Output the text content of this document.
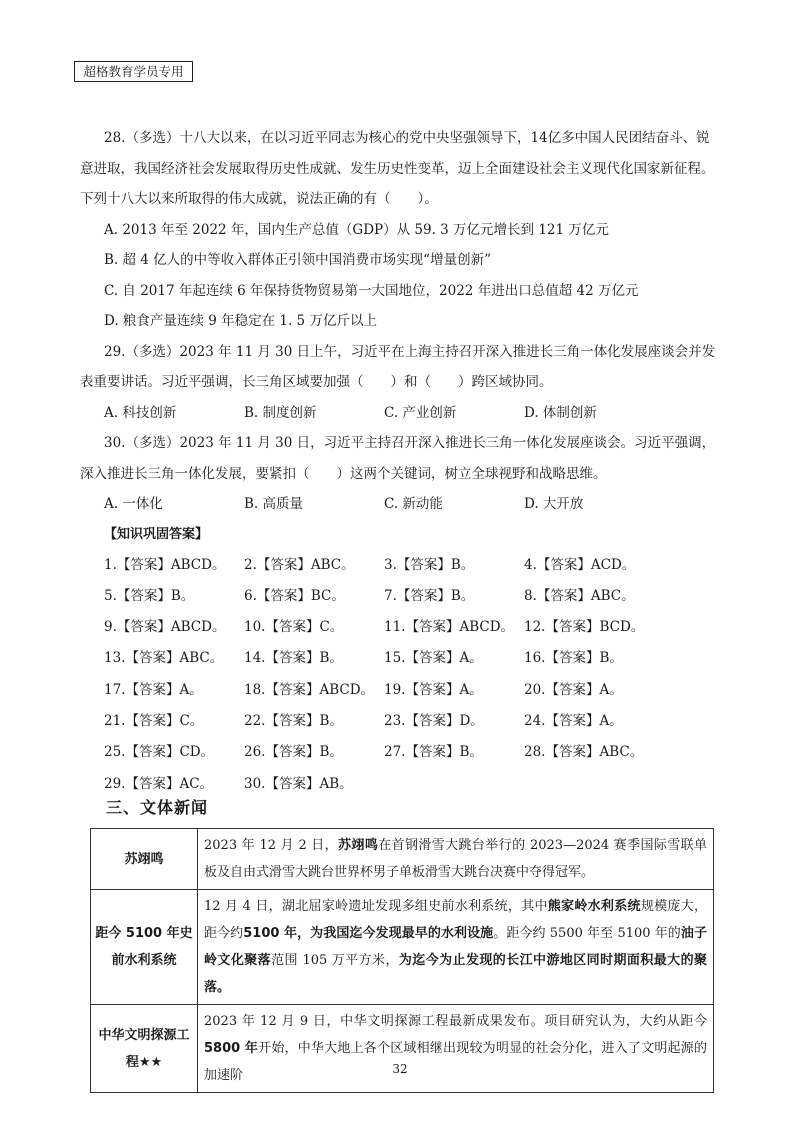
超格教育学员专用

28.（多选）十八大以来，在以习近平同志为核心的党中央坚强领导下，14亿多中国人民团结奋斗、锐意进取，我国经济社会发展取得历史性成就、发生历史性变革，迈上全面建设社会主义现代化国家新征程。下列十八大以来所取得的伟大成就，说法正确的有（　　）。

A. 2013 年至 2022 年，国内生产总值（GDP）从 59. 3 万亿元增长到 121 万亿元
B. 超 4 亿人的中等收入群体正引领中国消费市场实现“增量创新”
C. 自 2017 年起连续 6 年保持货物贸易第一大国地位，2022 年进出口总值超 42 万亿元
D. 粮食产量连续 9 年稳定在 1. 5 万亿斤以上

29.（多选）2023 年 11 月 30 日上午，习近平在上海主持召开深入推进长三角一体化发展座谈会并发表重要讲话。习近平强调，长三角区域要加强（　　）和（　　）跨区域协同。

A. 科技创新	B. 制度创新	C. 产业创新	D. 体制创新

30.（多选）2023 年 11 月 30 日，习近平主持召开深入推进长三角一体化发展座谈会。习近平强调，深入推进长三角一体化发展，要紧扣（　　）这两个关键词，树立全球视野和战略思维。

A. 一体化	B. 高质量	C. 新动能	D. 大开放
【知识巩固答案】
1.【答案】ABCD。	2.【答案】ABC。	3.【答案】B。	4.【答案】ACD。
5.【答案】B。	6.【答案】BC。	7.【答案】B。	8.【答案】ABC。
9.【答案】ABCD。	10.【答案】C。	11.【答案】ABCD。 12.【答案】BCD。
13.【答案】ABC。	14.【答案】B。	15.【答案】A。	16.【答案】B。
17.【答案】A。	18.【答案】ABCD。 19.【答案】A。	20.【答案】A。
21.【答案】C。	22.【答案】B。	23.【答案】D。	24.【答案】A。
25.【答案】CD。	26.【答案】B。	27.【答案】B。	28.【答案】ABC。
29.【答案】AC。	30.【答案】AB。
三、文体新闻
苏翊鸣	2023 年 12 月 2 日，苏翊鸣在首钢滑雪大跳台举行的 2023—2024 赛季国际雪联单板及自由式滑雪大跳台世界杯男子单板滑雪大跳台决赛中夺得冠军。
距今 5100 年史前水利系统	12 月 4 日，湖北屈家岭遗址发现多组史前水利系统，其中熊家岭水利系统规模庞大，距今约5100 年，为我国迄今发现最早的水利设施。距今约 5500 年至 5100 年的油子岭文化聚落范围 105 万平方米，为迄今为止发现的长江中游地区同时期面积最大的聚落。
中华文明探源工程★★	2023 年 12 月 9 日，中华文明探源工程最新成果发布。项目研究认为，大约从距今5800 年开始，中华大地上各个区域相继出现较为明显的社会分化，进入了文明起源的加速阶	32
